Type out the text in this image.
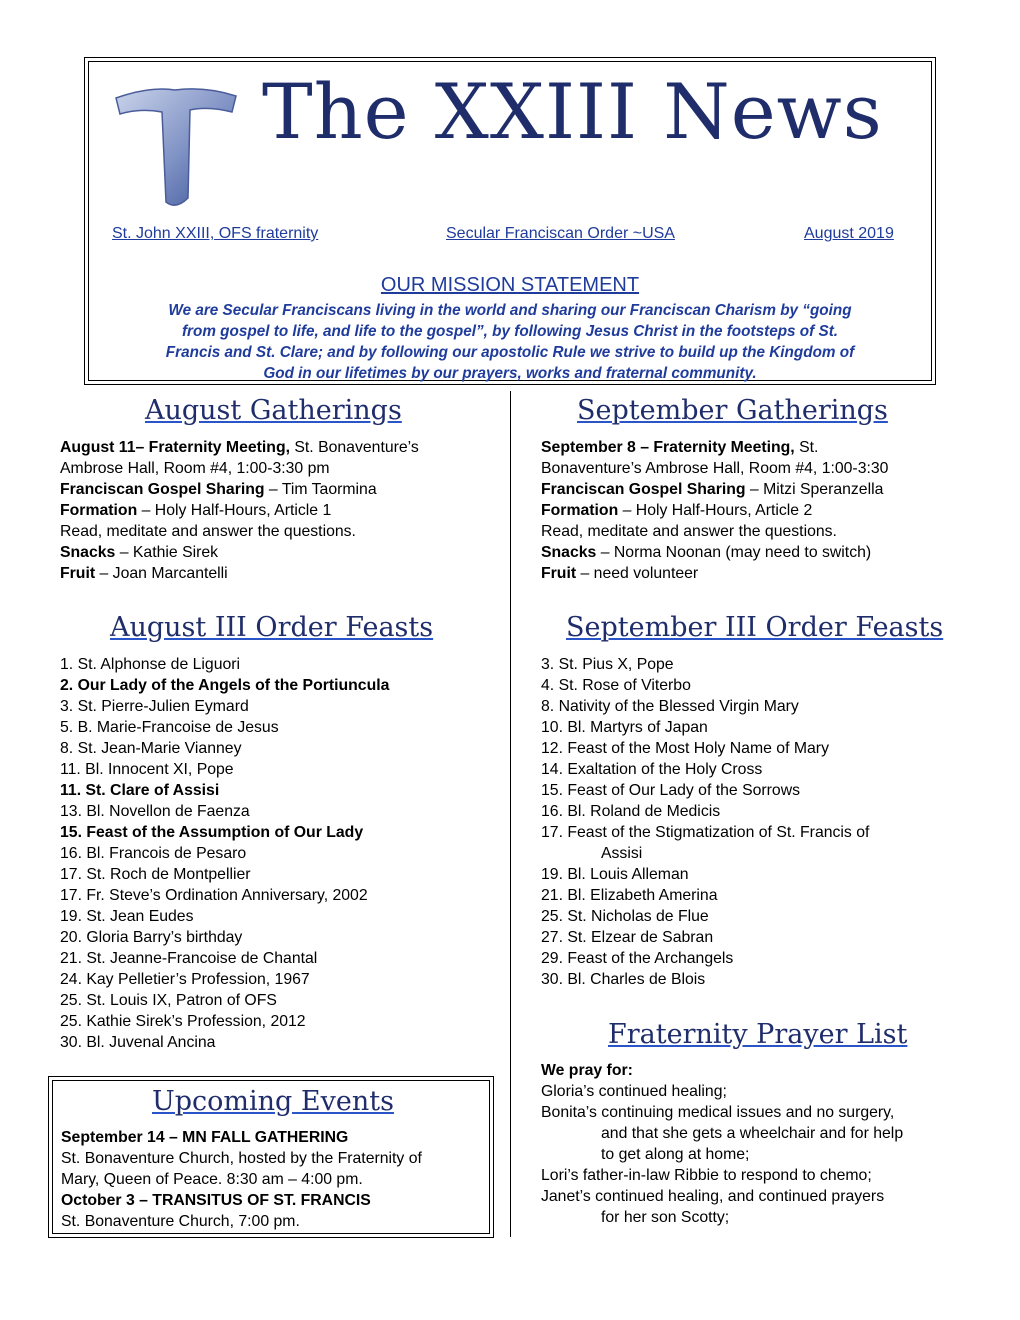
The XXIII News
St. John XXIII, OFS fraternity	Secular Franciscan Order ~USA	August 2019
OUR MISSION STATEMENT
We are Secular Franciscans living in the world and sharing our Franciscan Charism by “going
from gospel to life, and life to the gospel”, by following Jesus Christ in the footsteps of St.
Francis and St. Clare; and by following our apostolic Rule we strive to build up the Kingdom of
God in our lifetimes by our prayers, works and fraternal community.
August Gatherings
August 11– Fraternity Meeting, St. Bonaventure’s
Ambrose Hall, Room #4, 1:00-3:30 pm
Franciscan Gospel Sharing – Tim Taormina
Formation – Holy Half-Hours, Article 1
Read, meditate and answer the questions.
Snacks – Kathie Sirek
Fruit – Joan Marcantelli
September Gatherings
September 8 – Fraternity Meeting, St.
Bonaventure’s Ambrose Hall, Room #4, 1:00-3:30
Franciscan Gospel Sharing – Mitzi Speranzella
Formation – Holy Half-Hours, Article 2
Read, meditate and answer the questions.
Snacks – Norma Noonan (may need to switch)
Fruit – need volunteer
August III Order Feasts
1. St. Alphonse de Liguori
2. Our Lady of the Angels of the Portiuncula
3. St. Pierre-Julien Eymard
5. B. Marie-Francoise de Jesus
8. St. Jean-Marie Vianney
11. Bl. Innocent XI, Pope
11. St. Clare of Assisi
13. Bl. Novellon de Faenza
15. Feast of the Assumption of Our Lady
16. Bl. Francois de Pesaro
17. St. Roch de Montpellier
17. Fr. Steve’s Ordination Anniversary, 2002
19. St. Jean Eudes
20. Gloria Barry’s birthday
21. St. Jeanne-Francoise de Chantal
24. Kay Pelletier’s Profession, 1967
25. St. Louis IX, Patron of OFS
25. Kathie Sirek’s Profession, 2012
30. Bl. Juvenal Ancina
September III Order Feasts
3. St. Pius X, Pope
4. St. Rose of Viterbo
8. Nativity of the Blessed Virgin Mary
10. Bl. Martyrs of Japan
12. Feast of the Most Holy Name of Mary
14. Exaltation of the Holy Cross
15. Feast of Our Lady of the Sorrows
16. Bl. Roland de Medicis
17. Feast of the Stigmatization of St. Francis of
Assisi
19. Bl. Louis Alleman
21. Bl. Elizabeth Amerina
25. St. Nicholas de Flue
27. St. Elzear de Sabran
29. Feast of the Archangels
30. Bl. Charles de Blois
Upcoming Events
September 14 – MN FALL GATHERING
St. Bonaventure Church, hosted by the Fraternity of
Mary, Queen of Peace. 8:30 am – 4:00 pm.
October 3 – TRANSITUS OF ST. FRANCIS
St. Bonaventure Church, 7:00 pm.
Fraternity Prayer List
We pray for:
Gloria’s continued healing;
Bonita’s continuing medical issues and no surgery,
and that she gets a wheelchair and for help
to get along at home;
Lori’s father-in-law Ribbie to respond to chemo;
Janet’s continued healing, and continued prayers
for her son Scotty;
